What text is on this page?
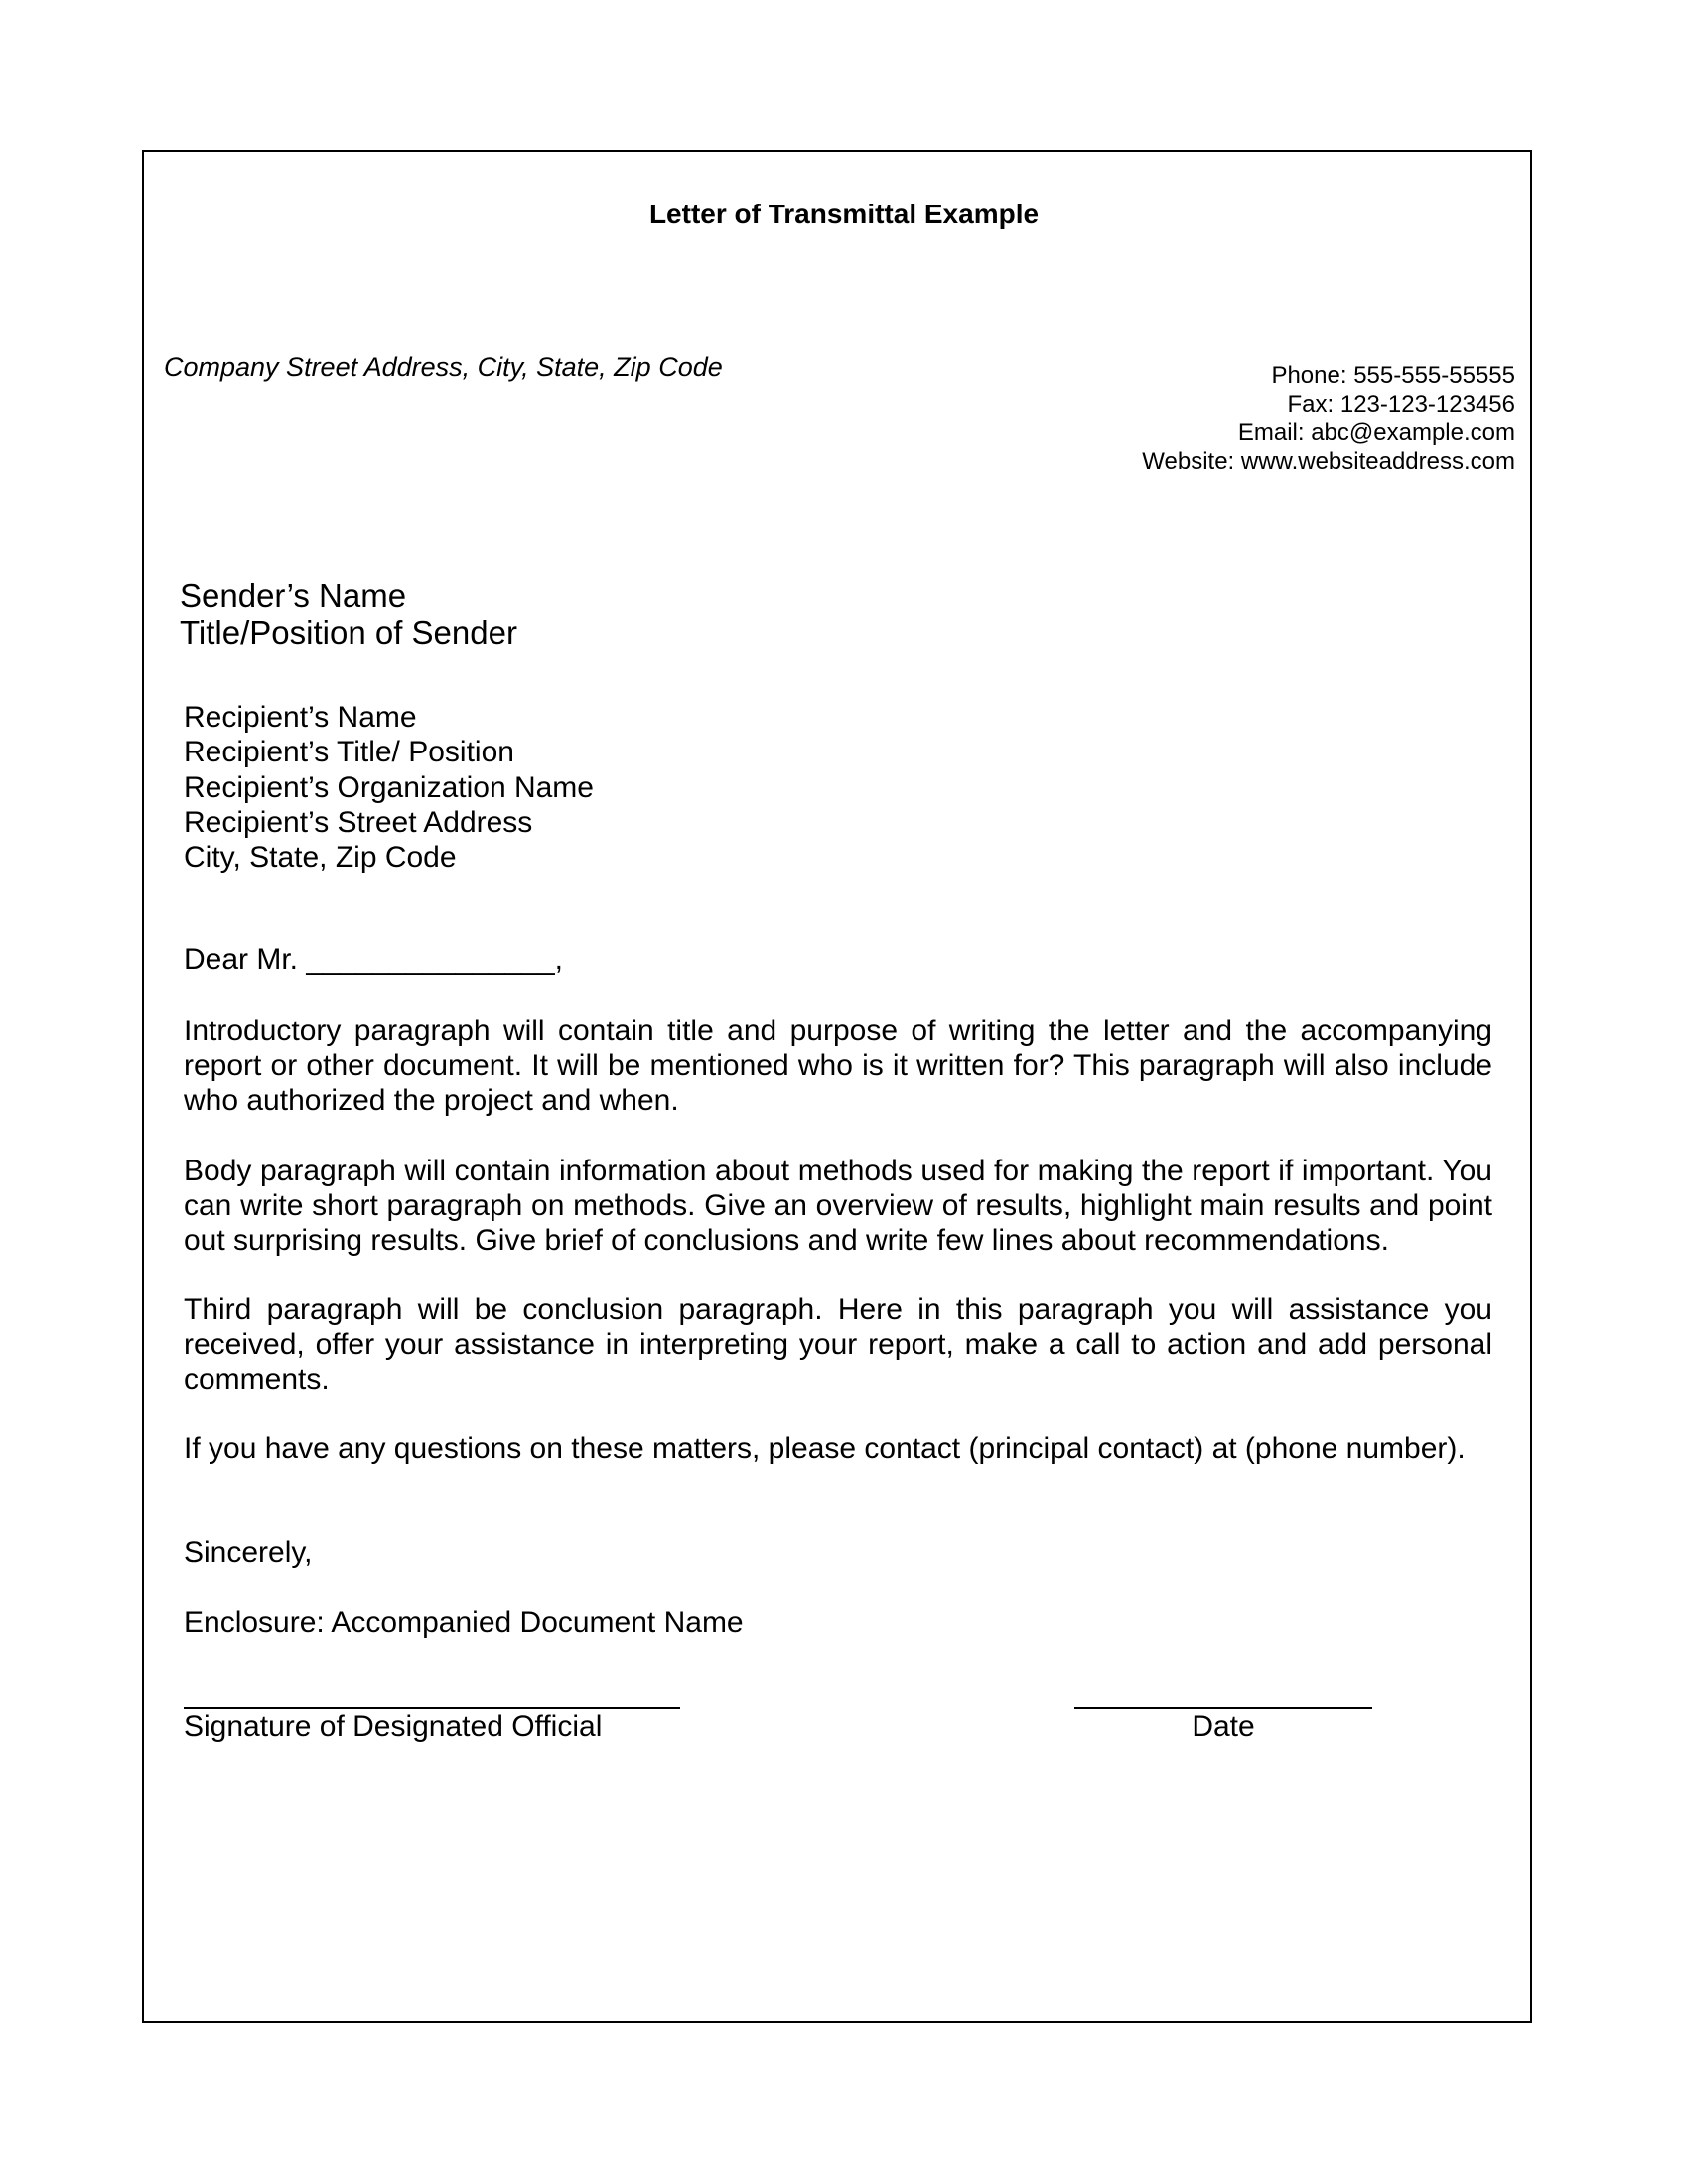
Letter of Transmittal Example
Company Street Address, City, State, Zip Code	Phone: 555-555-55555
Fax: 123-123-123456
Email: abc@example.com
Website: www.websiteaddress.com
Sender’s Name
Title/Position of Sender
Recipient’s Name
Recipient’s Title/ Position
Recipient’s Organization Name
Recipient’s Street Address
City, State, Zip Code
Dear Mr. _______________,
Introductory paragraph will contain title and purpose of writing the letter and the accompanying report or other document. It will be mentioned who is it written for? This paragraph will also include who authorized the project and when.
Body paragraph will contain information about methods used for making the report if important. You can write short paragraph on methods. Give an overview of results, highlight main results and point out surprising results. Give brief of conclusions and write few lines about recommendations.
Third paragraph will be conclusion paragraph. Here in this paragraph you will assistance you received, offer your assistance in interpreting your report, make a call to action and add personal comments.
If you have any questions on these matters, please contact (principal contact) at (phone number).
Sincerely,
Enclosure: Accompanied Document Name
Signature of Designated Official	Date
